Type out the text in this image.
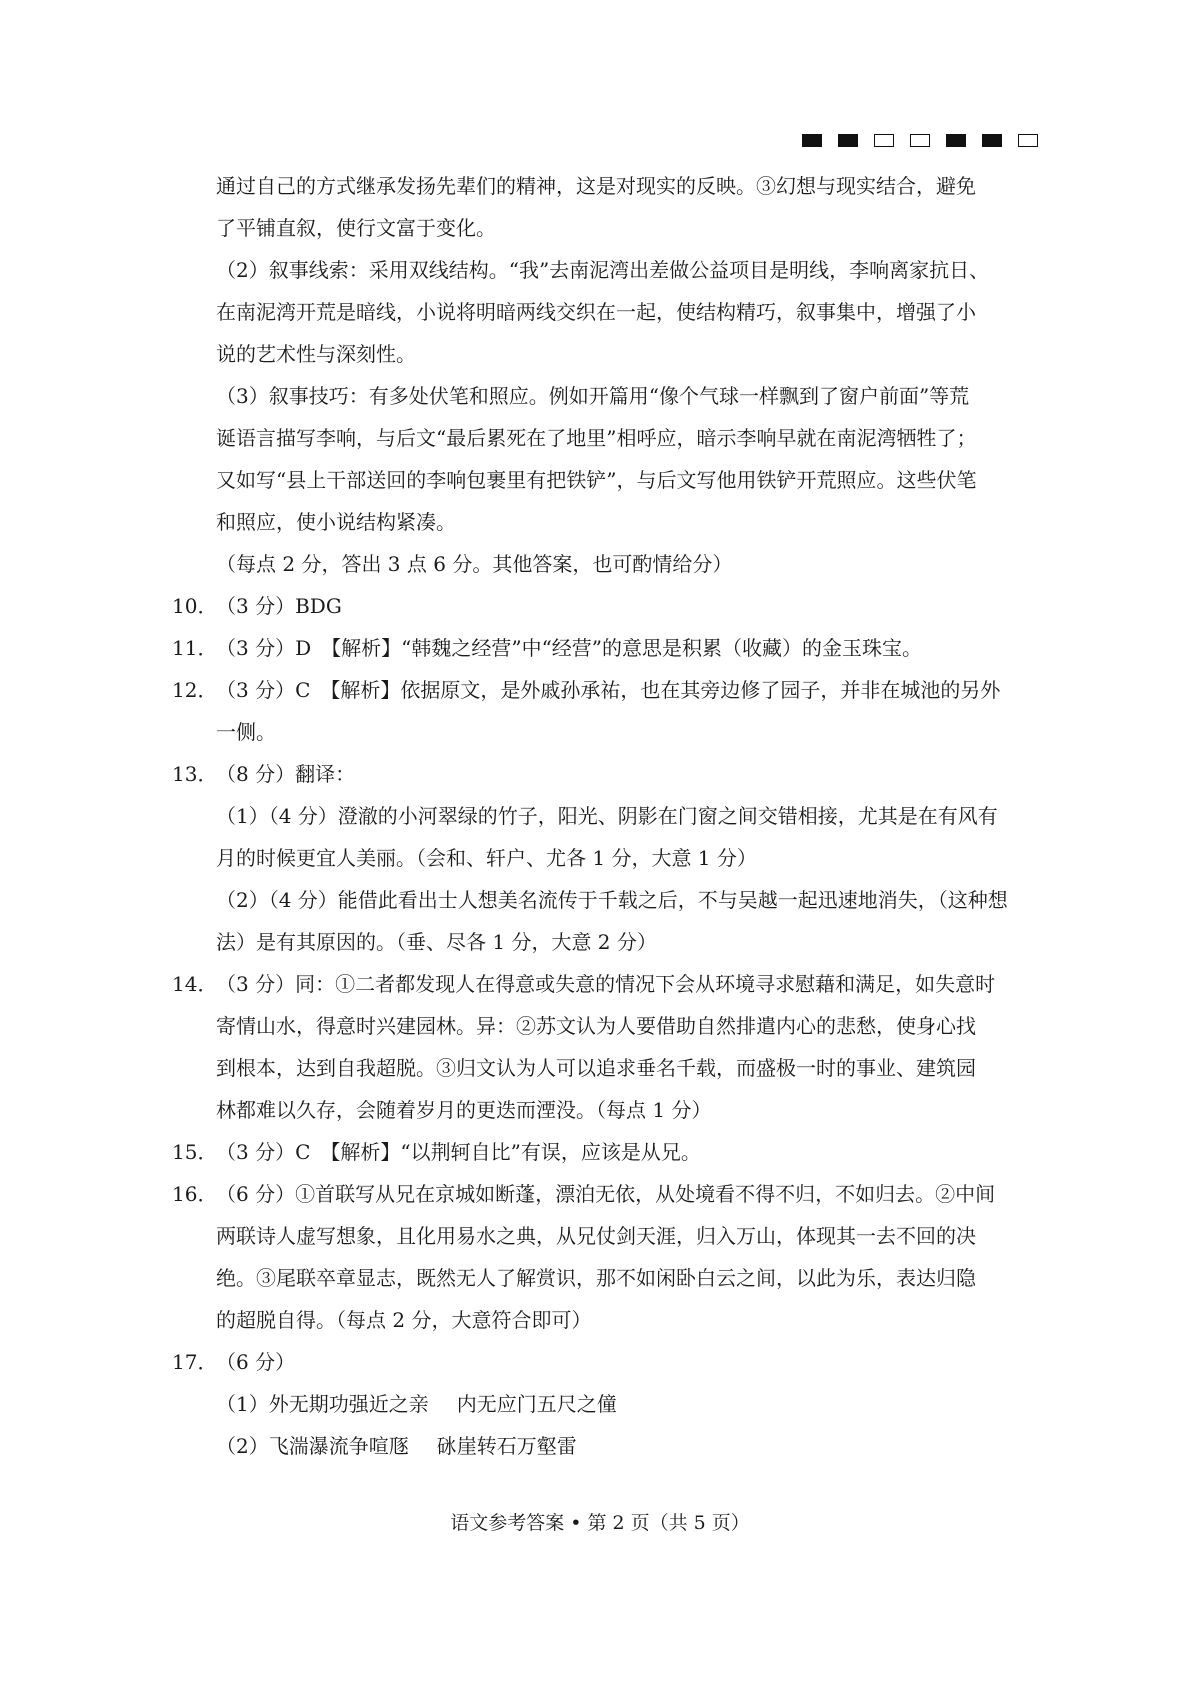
通过自己的方式继承发扬先辈们的精神，这是对现实的反映。③幻想与现实结合，避免
了平铺直叙，使行文富于变化。
（2）叙事线索：采用双线结构。“我”去南泥湾出差做公益项目是明线，李响离家抗日、
在南泥湾开荒是暗线，小说将明暗两线交织在一起，使结构精巧，叙事集中，增强了小
说的艺术性与深刻性。
（3）叙事技巧：有多处伏笔和照应。例如开篇用“像个气球一样飘到了窗户前面”等荒
诞语言描写李响，与后文“最后累死在了地里”相呼应，暗示李响早就在南泥湾牺牲了；
又如写“县上干部送回的李响包裹里有把铁铲”，与后文写他用铁铲开荒照应。这些伏笔
和照应，使小说结构紧凑。
（每点 2 分，答出 3 点 6 分。其他答案，也可酌情给分）
10．
（3 分）BDG
11．
（3 分）D　【解析】“韩魏之经营”中“经营”的意思是积累（收藏）的金玉珠宝。
12．
（3 分）C　【解析】依据原文，是外戚孙承祐，也在其旁边修了园子，并非在城池的另外
一侧。
13．
（8 分）翻译：
（1）（4 分）澄澈的小河翠绿的竹子，阳光、阴影在门窗之间交错相接，尤其是在有风有
月的时候更宜人美丽。（会和、轩户、尤各 1 分，大意 1 分）
（2）（4 分）能借此看出士人想美名流传于千载之后，不与吴越一起迅速地消失，（这种想
法）是有其原因的。（垂、尽各 1 分，大意 2 分）
14．
（3 分）同：①二者都发现人在得意或失意的情况下会从环境寻求慰藉和满足，如失意时
寄情山水，得意时兴建园林。异：②苏文认为人要借助自然排遣内心的悲愁，使身心找
到根本，达到自我超脱。③归文认为人可以追求垂名千载，而盛极一时的事业、建筑园
林都难以久存，会随着岁月的更迭而湮没。（每点 1 分）
15．
（3 分）C　【解析】“以荆轲自比”有误，应该是从兄。
16．
（6 分）①首联写从兄在京城如断蓬，漂泊无依，从处境看不得不归，不如归去。②中间
两联诗人虚写想象，且化用易水之典，从兄仗剑天涯，归入万山，体现其一去不回的决
绝。③尾联卒章显志，既然无人了解赏识，那不如闲卧白云之间，以此为乐，表达归隐
的超脱自得。（每点 2 分，大意符合即可）
17．
（6 分）
（1）外无期功强近之亲 内无应门五尺之僮
（2）飞湍瀑流争喧豗 砯崖转石万壑雷
语文参考答案 • 第 2 页（共 5 页）
